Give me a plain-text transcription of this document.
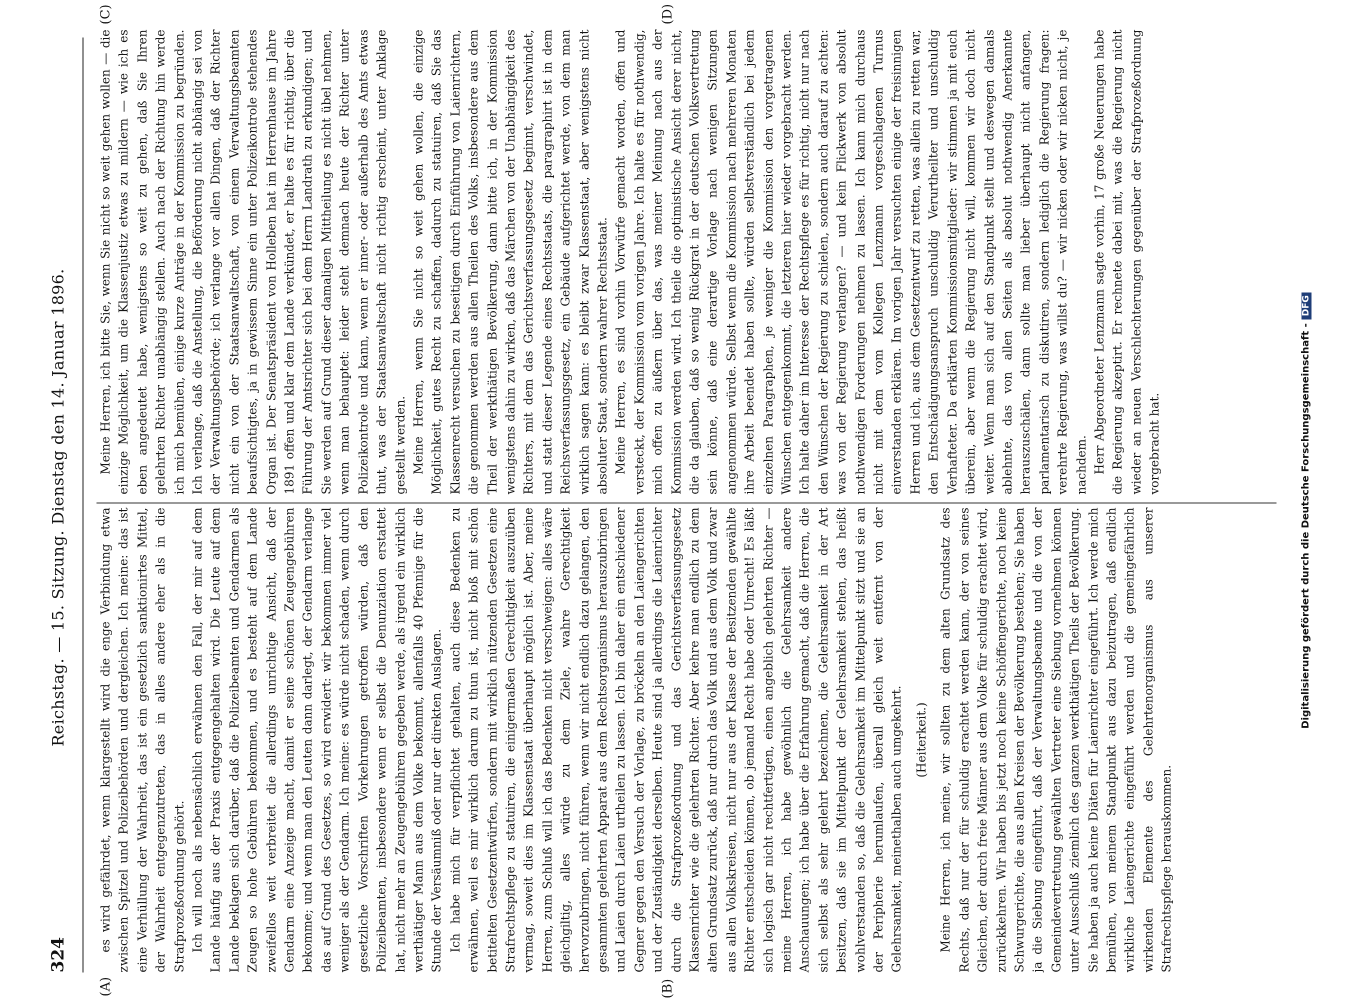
324
Reichstag. — 15. Sitzung. Dienstag den 14. Januar 1896.
(A)	(B)
(C)	(D)

es wird gefährdet, wenn klargestellt wird die enge Verbindung etwa zwischen Spitzel und Polizeibehörden und dergleichen. Ich meine: das ist eine Verhüllung der Wahrheit, das ist ein gesetzlich sanktionirtes Mittel, der Wahrheit entgegenzutreten, das in alles andere eher als in die Strafprozeßordnung gehört. Ich will noch als nebensächlich erwähnen den Fall, der mir auf dem Lande häufig aus der Praxis entgegengehalten wird. Die Leute auf dem Lande beklagen sich darüber, daß die Polizeibeamten und Gendarmen als Zeugen so hohe Gebühren bekommen, und es besteht auf dem Lande zweifellos weit verbreitet die allerdings unrichtige Ansicht, daß der Gendarm eine Anzeige macht, damit er seine schönen Zeugengebühren bekomme; und wenn man den Leuten dann darlegt, der Gendarm verlange das auf Grund des Gesetzes, so wird erwidert: wir bekommen immer viel weniger als der Gendarm. Ich meine: es würde nicht schaden, wenn durch gesetzliche Vorschriften Vorkehrungen getroffen würden, daß den Polizeibeamten, insbesondere wenn er selbst die Denunziation erstattet hat, nicht mehr an Zeugengebühren gegeben werde, als irgend ein wirklich werthätiger Mann aus dem Volke bekommt, allenfalls 40 Pfennige für die Stunde der Versäumniß oder nur der direkten Auslagen. Ich habe mich für verpflichtet gehalten, auch diese Bedenken zu erwähnen, weil es mir wirklich darum zu thun ist, nicht bloß mit schön betitelten Gesetzentwürfen, sondern mit wirklich nützenden Gesetzen eine Strafrechtspflege zu statuiren, die einigermaßen Gerechtigkeit auszuüben vermag, soweit dies im Klassenstaat überhaupt möglich ist. Aber, meine Herren, zum Schluß will ich das Bedenken nicht verschweigen: alles wäre gleichgiltig, alles würde zu dem Ziele, wahre Gerechtigkeit hervorzubringen, nicht führen, wenn wir nicht endlich dazu gelangen, den gesammten gelehrten Apparat aus dem Rechtsorganismus herauszubringen und Laien durch Laien urtheilen zu lassen. Ich bin daher ein entschiedener Gegner gegen den Versuch der Vorlage, zu bröckeln an den Laiengerichten und der Zuständigkeit derselben. Heute sind ja allerdings die Laienrichter durch die Strafprozeßordnung und das Gerichtsverfassungsgesetz Klassenrichter wie die gelehrten Richter. Aber kehre man endlich zu dem alten Grundsatz zurück, daß nur durch das Volk und aus dem Volk und zwar aus allen Volkskreisen, nicht nur aus der Klasse der Besitzenden gewählte Richter entscheiden können, ob jemand Recht habe oder Unrecht! Es läßt sich logisch gar nicht rechtfertigen, einen angeblich gelehrten Richter — meine Herren, ich habe gewöhnlich die Gelehrsamkeit andere Anschauungen; ich habe über die Erfahrung gemacht, daß die Herren, die sich selbst als sehr gelehrt bezeichnen, die Gelehrsamkeit in der Art besitzen, daß sie im Mittelpunkt der Gelehrsamkeit stehen, das heißt wohlverstanden so, daß die Gelehrsamkeit im Mittelpunkt sitzt und sie an der Peripherie herumlaufen, überall gleich weit entfernt von der Gelehrsamkeit, meinethalben auch umgekehrt. (Heiterkeit.) Meine Herren, ich meine, wir sollten zu dem alten Grundsatz des Rechts, daß nur der für schuldig erachtet werden kann, der von seines Gleichen, der durch freie Männer aus dem Volke für schuldig erachtet wird, zurückkehren. Wir haben bis jetzt noch keine Schöffengerichte, noch keine Schwurgerichte, die aus allen Kreisen der Bevölkerung bestehen; Sie haben ja die Siebung eingeführt, daß der Verwaltungsbeamte und die von der Gemeindevertretung gewählten Vertreter eine Siebung vornehmen können unter Ausschluß ziemlich des ganzen werkthätigen Theils der Bevölkerung. Sie haben ja auch keine Diäten für Laienrichter eingeführt. Ich werde mich bemühen, von meinem Standpunkt aus dazu beizutragen, daß endlich wirkliche Laiengerichte eingeführt werden und die gemeingefährlich wirkenden Elemente des Gelehrtenorganismus aus unserer Strafrechtspflege herauskommen.

Meine Herren, ich bitte Sie, wenn Sie nicht so weit gehen wollen — die einzige Möglichkeit, um die Klassenjustiz etwas zu mildern — wie ich es eben angedeutet habe, wenigstens so weit zu gehen, daß Sie Ihren gelehrten Richter unabhängig stellen. Auch nach der Richtung hin werde ich mich bemühen, einige kurze Anträge in der Kommission zu begründen. Ich verlange, daß die Anstellung, die Beförderung nicht abhängig sei von der Verwaltungsbehörde; ich verlange vor allen Dingen, daß der Richter nicht ein von der Staatsanwaltschaft, von einem Verwaltungsbeamten beaufsichtigtes, ja in gewissem Sinne ein unter Polizeikontrole stehendes Organ ist. Der Senatspräsident von Holleben hat im Herrenhause im Jahre 1891 offen und klar dem Lande verkündet, er halte es für richtig, über die Führung der Amtsrichter sich bei dem Herrn Landrath zu erkundigen; und Sie werden auf Grund dieser damaligen Mittheilung es nicht übel nehmen, wenn man behauptet: leider steht demnach heute der Richter unter Polizeikontrole und kann, wenn er inner- oder außerhalb des Amts etwas thut, was der Staatsanwaltschaft nicht richtig erscheint, unter Anklage gestellt werden. Meine Herren, wenn Sie nicht so weit gehen wollen, die einzige Möglichkeit, gutes Recht zu schaffen, dadurch zu statuiren, daß Sie das Klassenrecht versuchen zu beseitigen durch Einführung von Laienrichtern, die genommen werden aus allen Theilen des Volks, insbesondere aus dem Theil der werkthätigen Bevölkerung, dann bitte ich, in der Kommission wenigstens dahin zu wirken, daß das Märchen von der Unabhängigkeit des Richters, mit dem das Gerichtsverfassungsgesetz beginnt, verschwindet, und statt dieser Legende eines Rechtsstaats, die paragraphirt ist in dem Reichsverfassungsgesetz, ein Gebäude aufgerichtet werde, von dem man wirklich sagen kann: es bleibt zwar Klassenstaat, aber wenigstens nicht absoluter Staat, sondern wahrer Rechtsstaat. Meine Herren, es sind vorhin Vorwürfe gemacht worden, offen und versteckt, der Kommission vom vorigen Jahre. Ich halte es für nothwendig, mich offen zu äußern über das, was meiner Meinung nach aus der Kommission werden wird. Ich theile die optimistische Ansicht derer nicht, die da glauben, daß so wenig Rückgrat in der deutschen Volksvertretung sein könne, daß eine derartige Vorlage nach wenigen Sitzungen angenommen würde. Selbst wenn die Kommission nach mehreren Monaten ihre Arbeit beendet haben sollte, würden selbstverständlich bei jedem einzelnen Paragraphen, je weniger die Kommission den vorgetragenen Wünschen entgegenkommt, die letzteren hier wieder vorgebracht werden. Ich halte daher im Interesse der Rechtspflege es für richtig, nicht nur nach den Wünschen der Regierung zu schielen, sondern auch darauf zu achten: was von der Regierung verlangen? — und kein Flickwerk von absolut nothwendigen Forderungen nehmen zu lassen. Ich kann mich durchaus nicht mit dem vom Kollegen Lenzmann vorgeschlagenen Turnus einverstanden erklären. Im vorigen Jahr versuchten einige der freisinnigen Herren und ich, aus dem Gesetzentwurf zu retten, was allein zu retten war, den Entschädigungsanspruch unschuldig Verurtheilter und unschuldig Verhafteter. Da erklärten Kommissionsmitglieder: wir stimmen ja mit euch überein, aber wenn die Regierung nicht will, kommen wir doch nicht weiter. Wenn man sich auf den Standpunkt stellt und deswegen damals ablehnte, das von allen Seiten als absolut nothwendig Anerkannte herauszuschälen, dann sollte man lieber überhaupt nicht anfangen, parlamentarisch zu diskutiren, sondern lediglich die Regierung fragen: verehrte Regierung, was willst du? — wir nicken oder wir nicken nicht, je nachdem. Herr Abgeordneter Lenzmann sagte vorhin, 17 große Neuerungen habe die Regierung akzeptirt. Er rechnete dabei mit, was die Regierung nicht wieder an neuen Verschlechterungen gegenüber der Strafprozeßordnung vorgebracht hat.	Digitalisierung gefördert durch die Deutsche Forschungsgemeinschaft -DFG
